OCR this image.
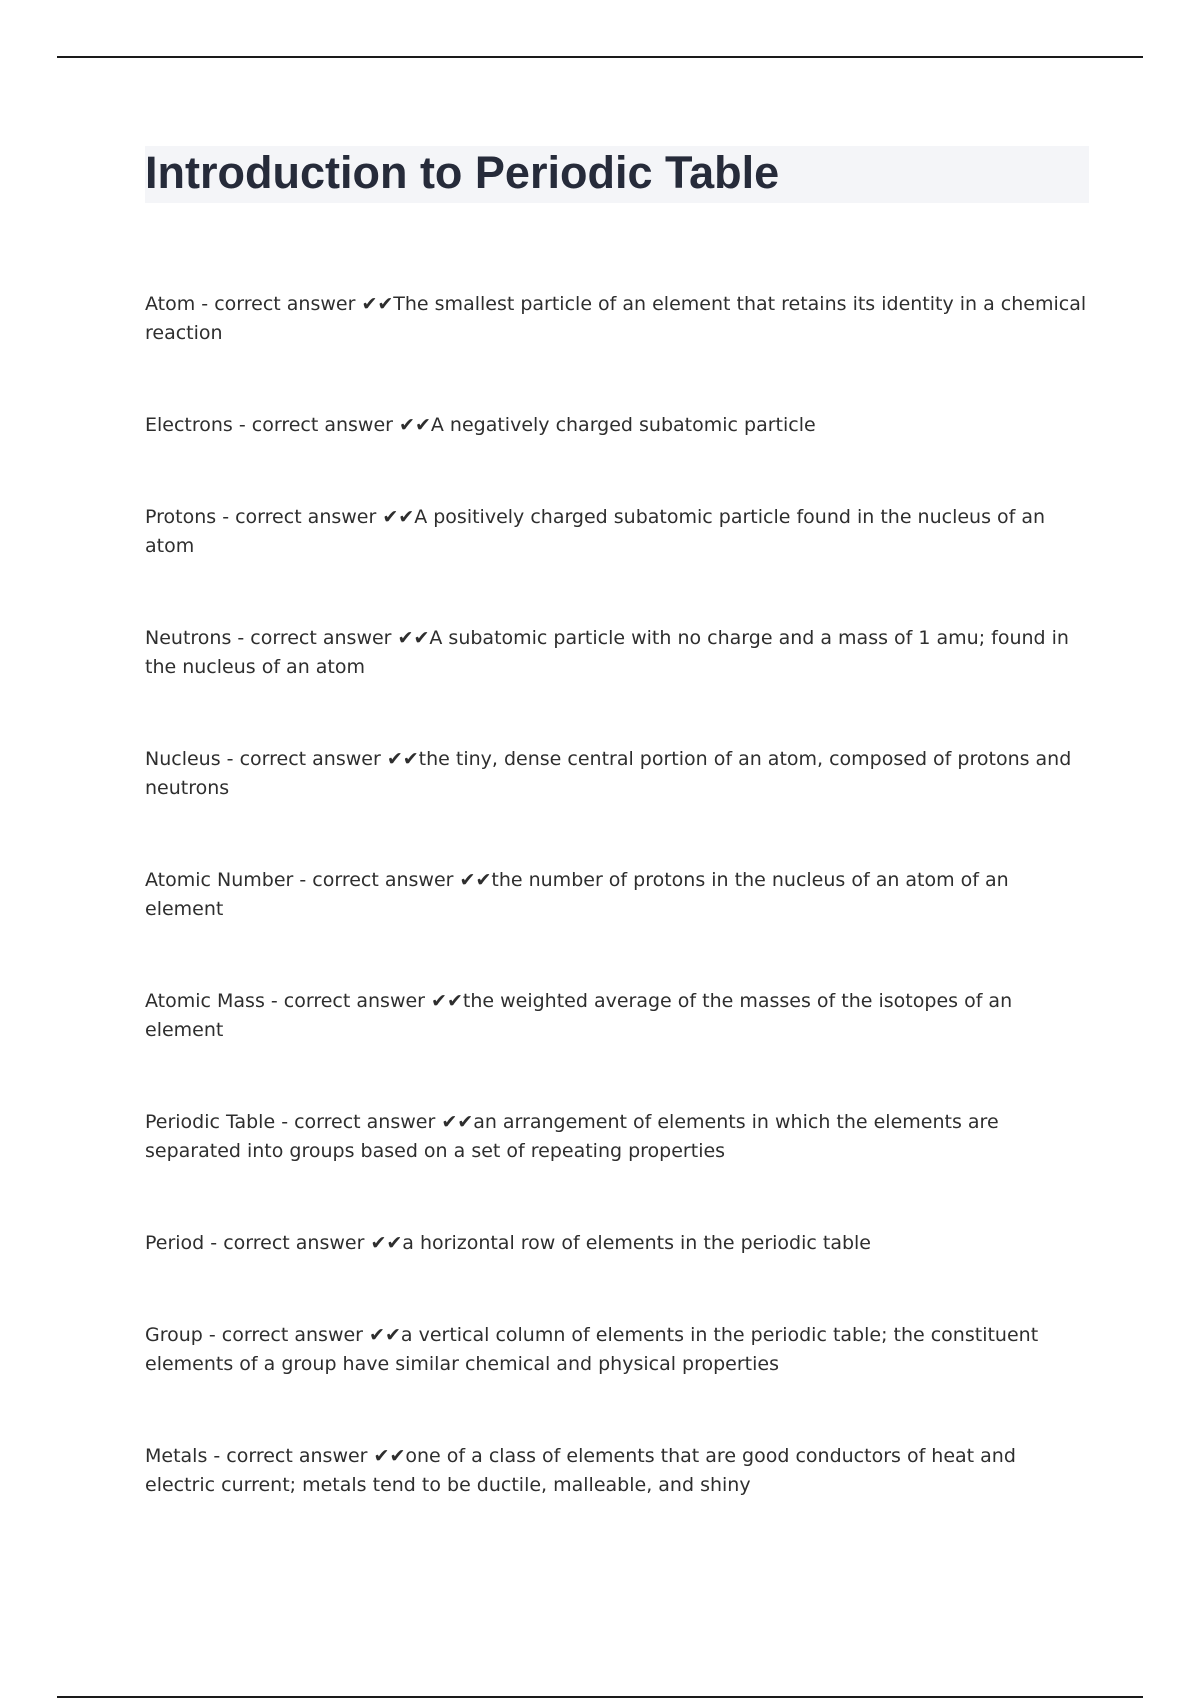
Introduction to Periodic Table
Atom - correct answer ✔✔The smallest particle of an element that retains its identity in a chemical reaction
Electrons - correct answer ✔✔A negatively charged subatomic particle
Protons - correct answer ✔✔A positively charged subatomic particle found in the nucleus of an atom
Neutrons - correct answer ✔✔A subatomic particle with no charge and a mass of 1 amu; found in the nucleus of an atom
Nucleus - correct answer ✔✔the tiny, dense central portion of an atom, composed of protons and neutrons
Atomic Number - correct answer ✔✔the number of protons in the nucleus of an atom of an element
Atomic Mass - correct answer ✔✔the weighted average of the masses of the isotopes of an element
Periodic Table - correct answer ✔✔an arrangement of elements in which the elements are separated into groups based on a set of repeating properties
Period - correct answer ✔✔a horizontal row of elements in the periodic table
Group - correct answer ✔✔a vertical column of elements in the periodic table; the constituent elements of a group have similar chemical and physical properties
Metals - correct answer ✔✔one of a class of elements that are good conductors of heat and electric current; metals tend to be ductile, malleable, and shiny
